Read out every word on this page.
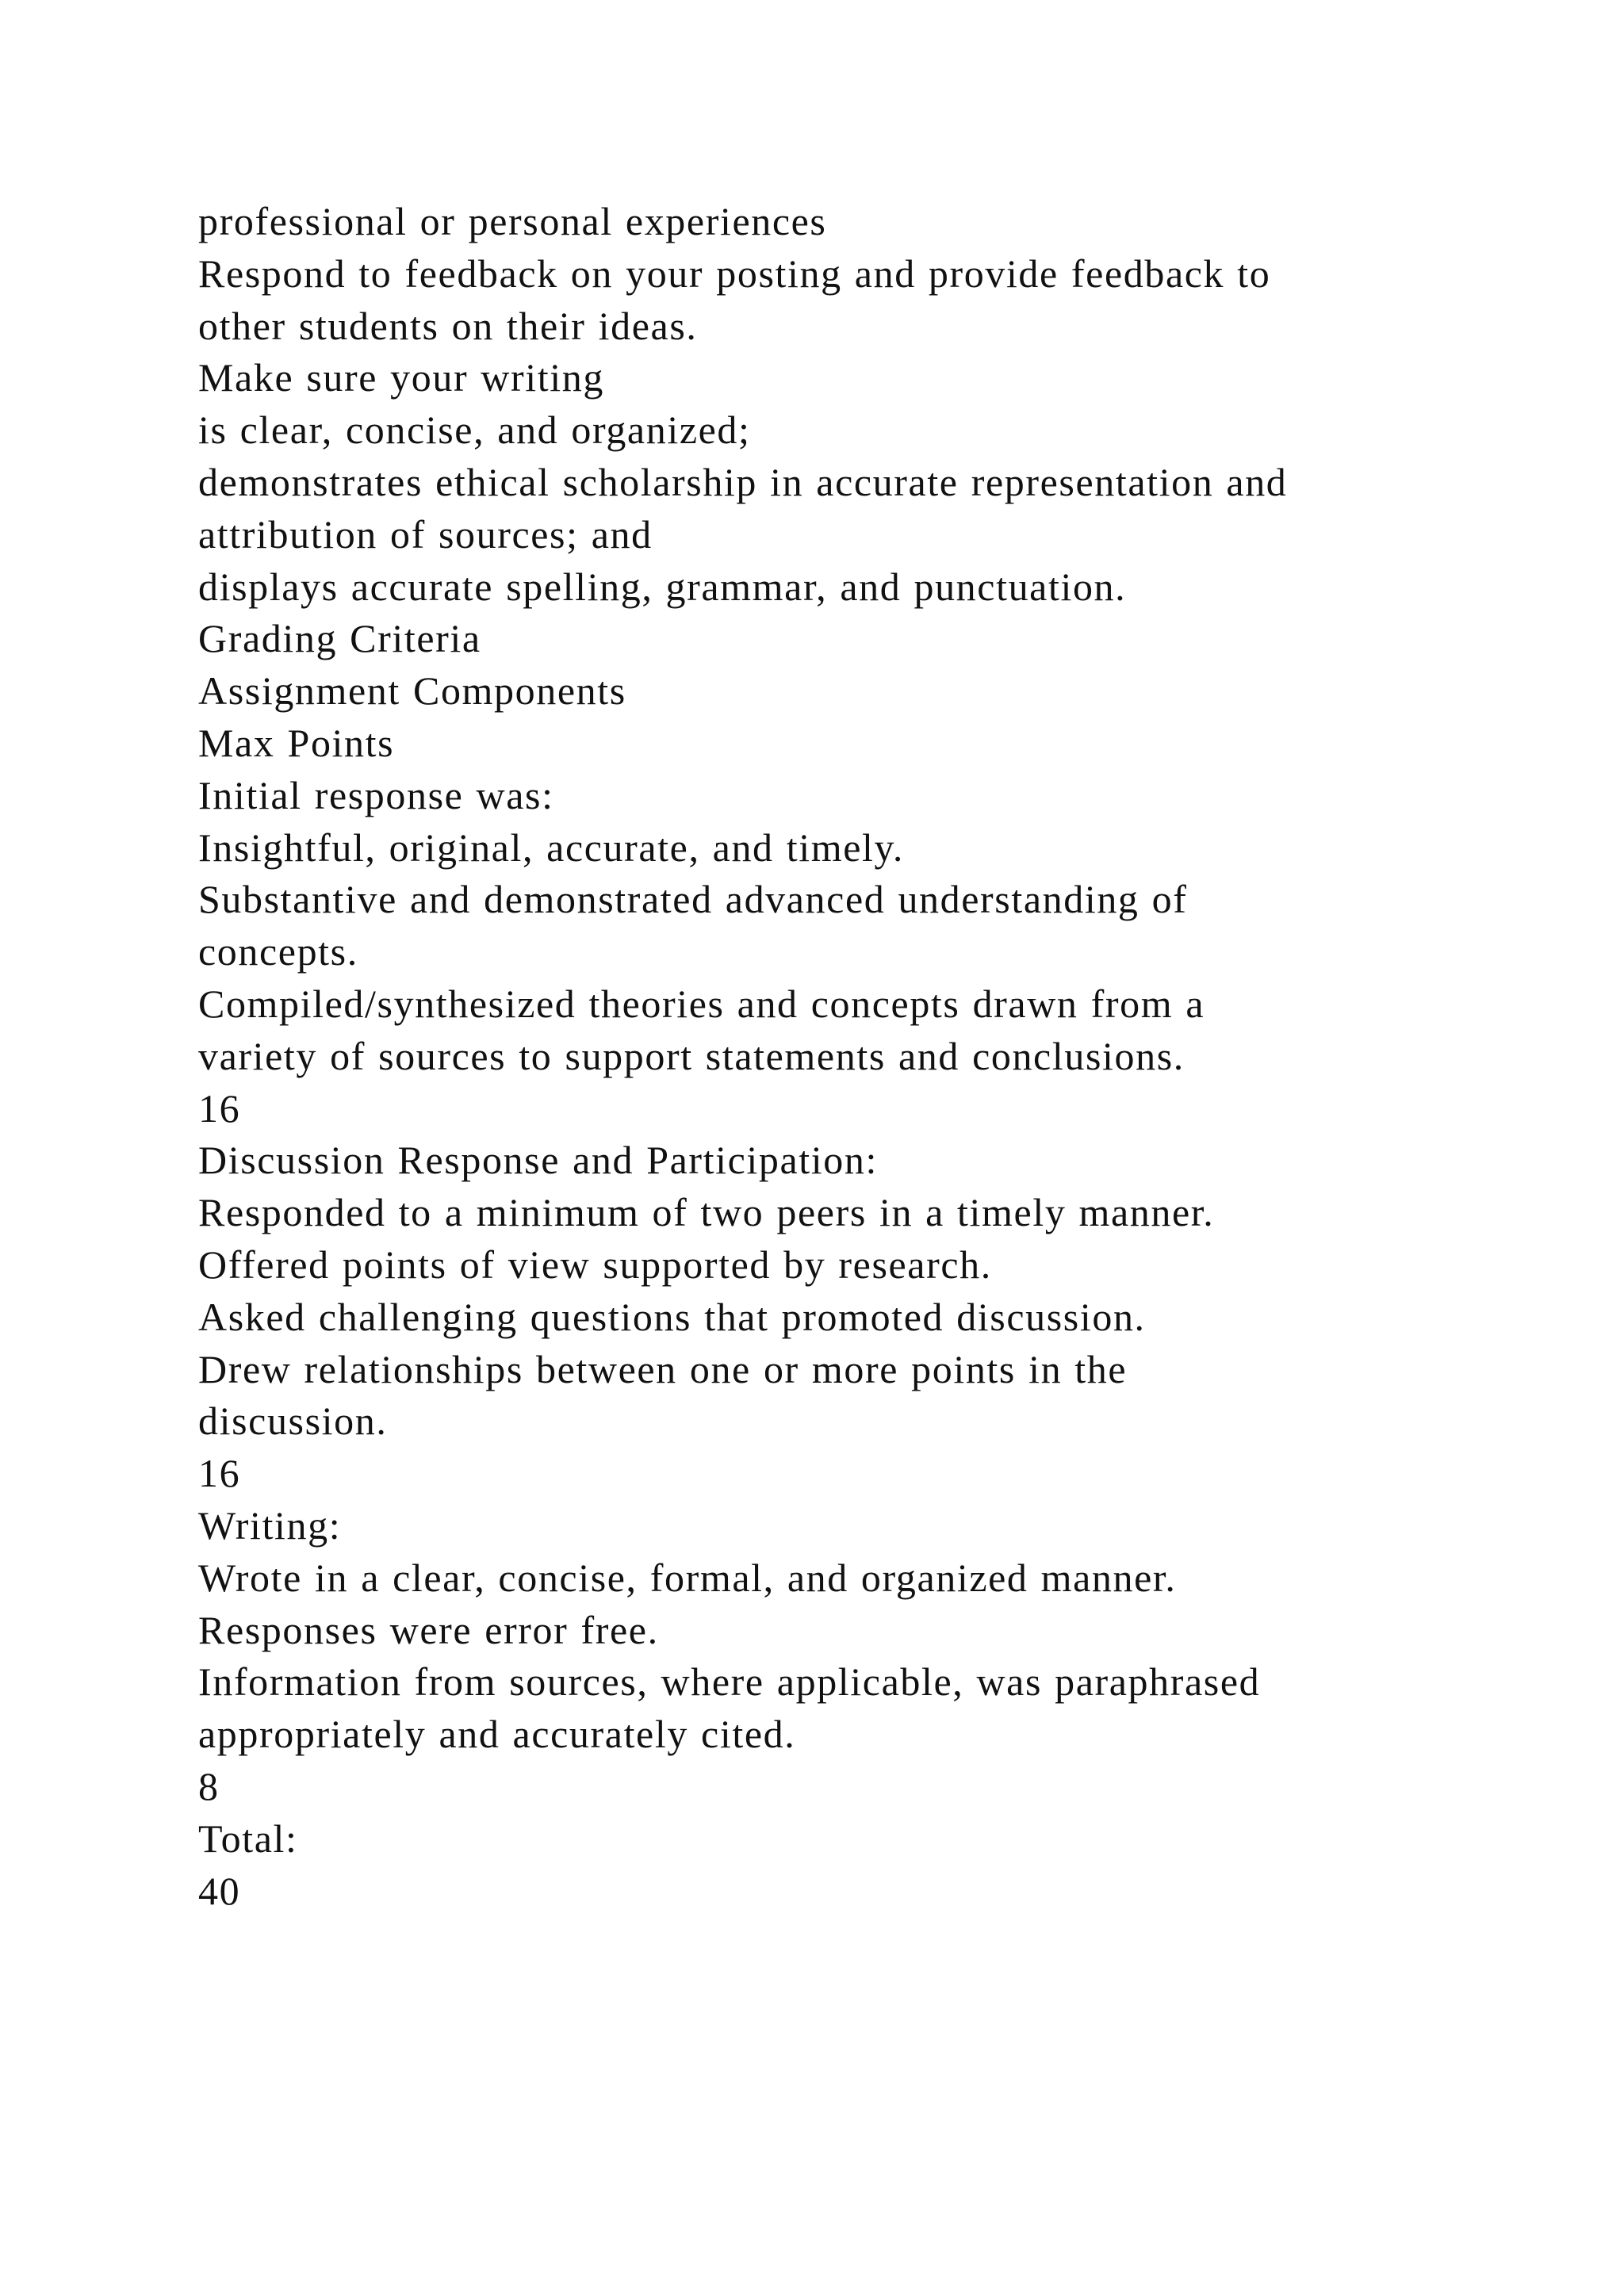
professional or personal experiences
Respond to feedback on your posting and provide feedback to
other students on their ideas.
Make sure your writing
is clear, concise, and organized;
demonstrates ethical scholarship in accurate representation and
attribution of sources; and
displays accurate spelling, grammar, and punctuation.
Grading Criteria
Assignment Components
Max Points
Initial response was:
Insightful, original, accurate, and timely.
Substantive and demonstrated advanced understanding of
concepts.
Compiled/synthesized theories and concepts drawn from a
variety of sources to support statements and conclusions.
16
Discussion Response and Participation:
Responded to a minimum of two peers in a timely manner.
Offered points of view supported by research.
Asked challenging questions that promoted discussion.
Drew relationships between one or more points in the
discussion.
16
Writing:
Wrote in a clear, concise, formal, and organized manner.
Responses were error free.
Information from sources, where applicable, was paraphrased
appropriately and accurately cited.
8
Total:
40
